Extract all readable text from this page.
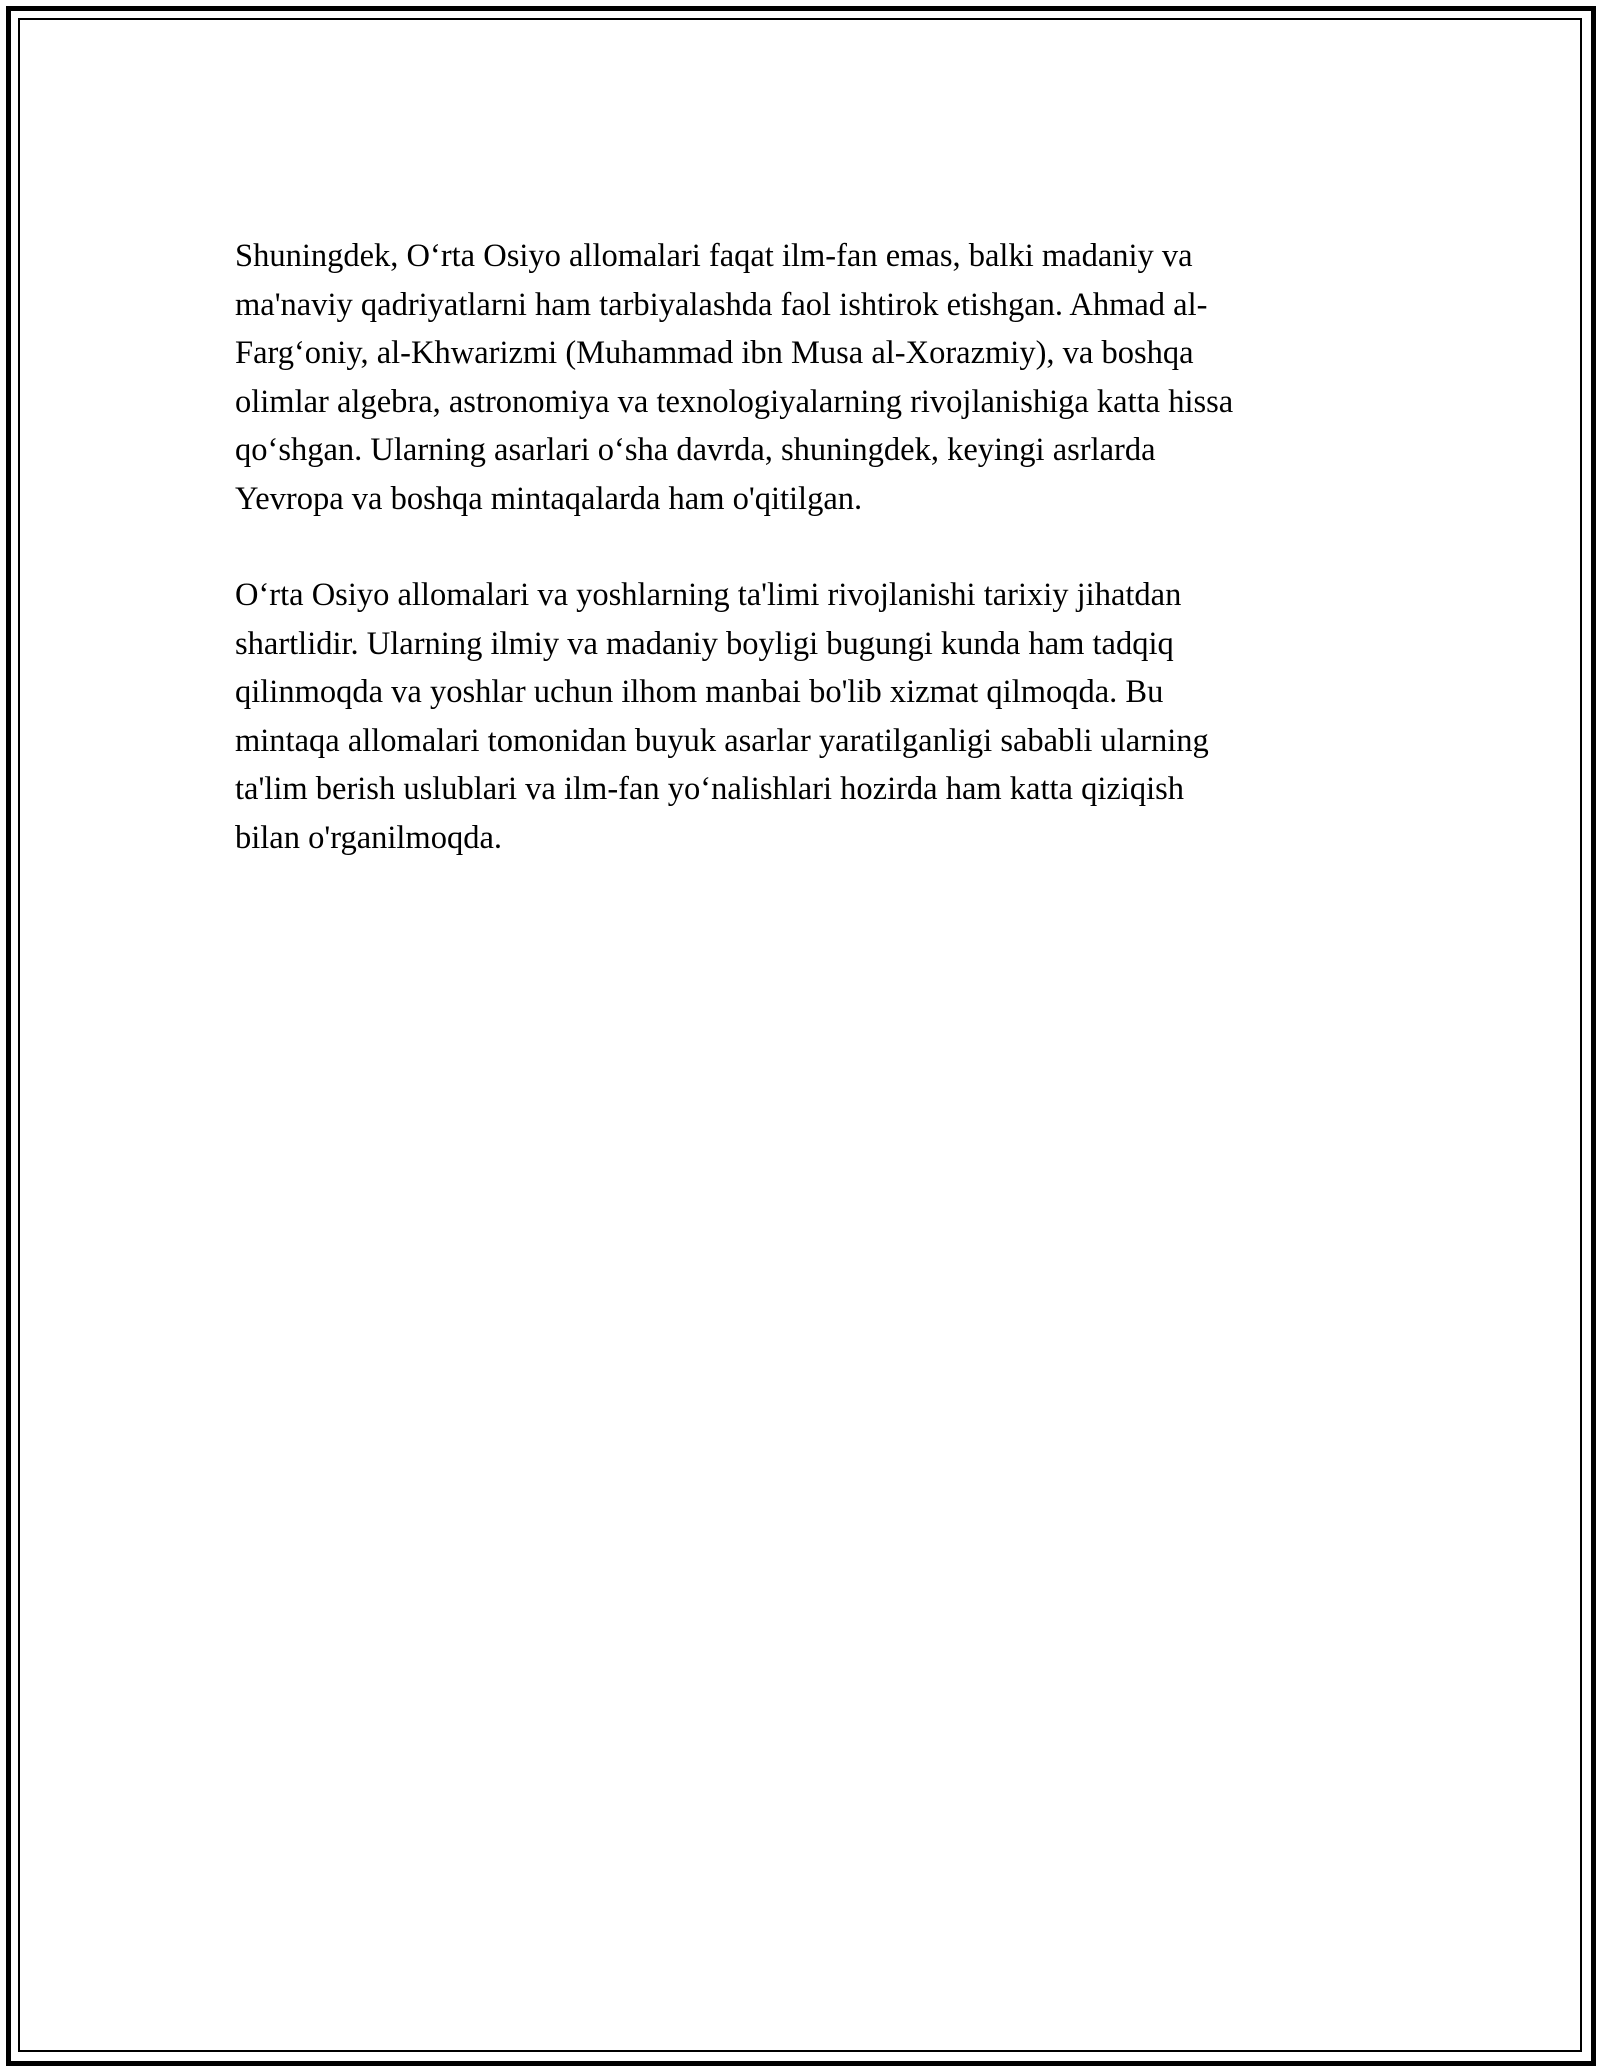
Shuningdek, O‘rta Osiyo allomalari faqat ilm-fan emas, balki madaniy va
ma'naviy qadriyatlarni ham tarbiyalashda faol ishtirok etishgan. Ahmad al-
Farg‘oniy, al-Khwarizmi (Muhammad ibn Musa al-Xorazmiy), va boshqa
olimlar algebra, astronomiya va texnologiyalarning rivojlanishiga katta hissa
qo‘shgan. Ularning asarlari o‘sha davrda, shuningdek, keyingi asrlarda
Yevropa va boshqa mintaqalarda ham o'qitilgan.

O‘rta Osiyo allomalari va yoshlarning ta'limi rivojlanishi tarixiy jihatdan
shartlidir. Ularning ilmiy va madaniy boyligi bugungi kunda ham tadqiq
qilinmoqda va yoshlar uchun ilhom manbai bo'lib xizmat qilmoqda. Bu
mintaqa allomalari tomonidan buyuk asarlar yaratilganligi sababli ularning
ta'lim berish uslublari va ilm-fan yo‘nalishlari hozirda ham katta qiziqish
bilan o'rganilmoqda.
